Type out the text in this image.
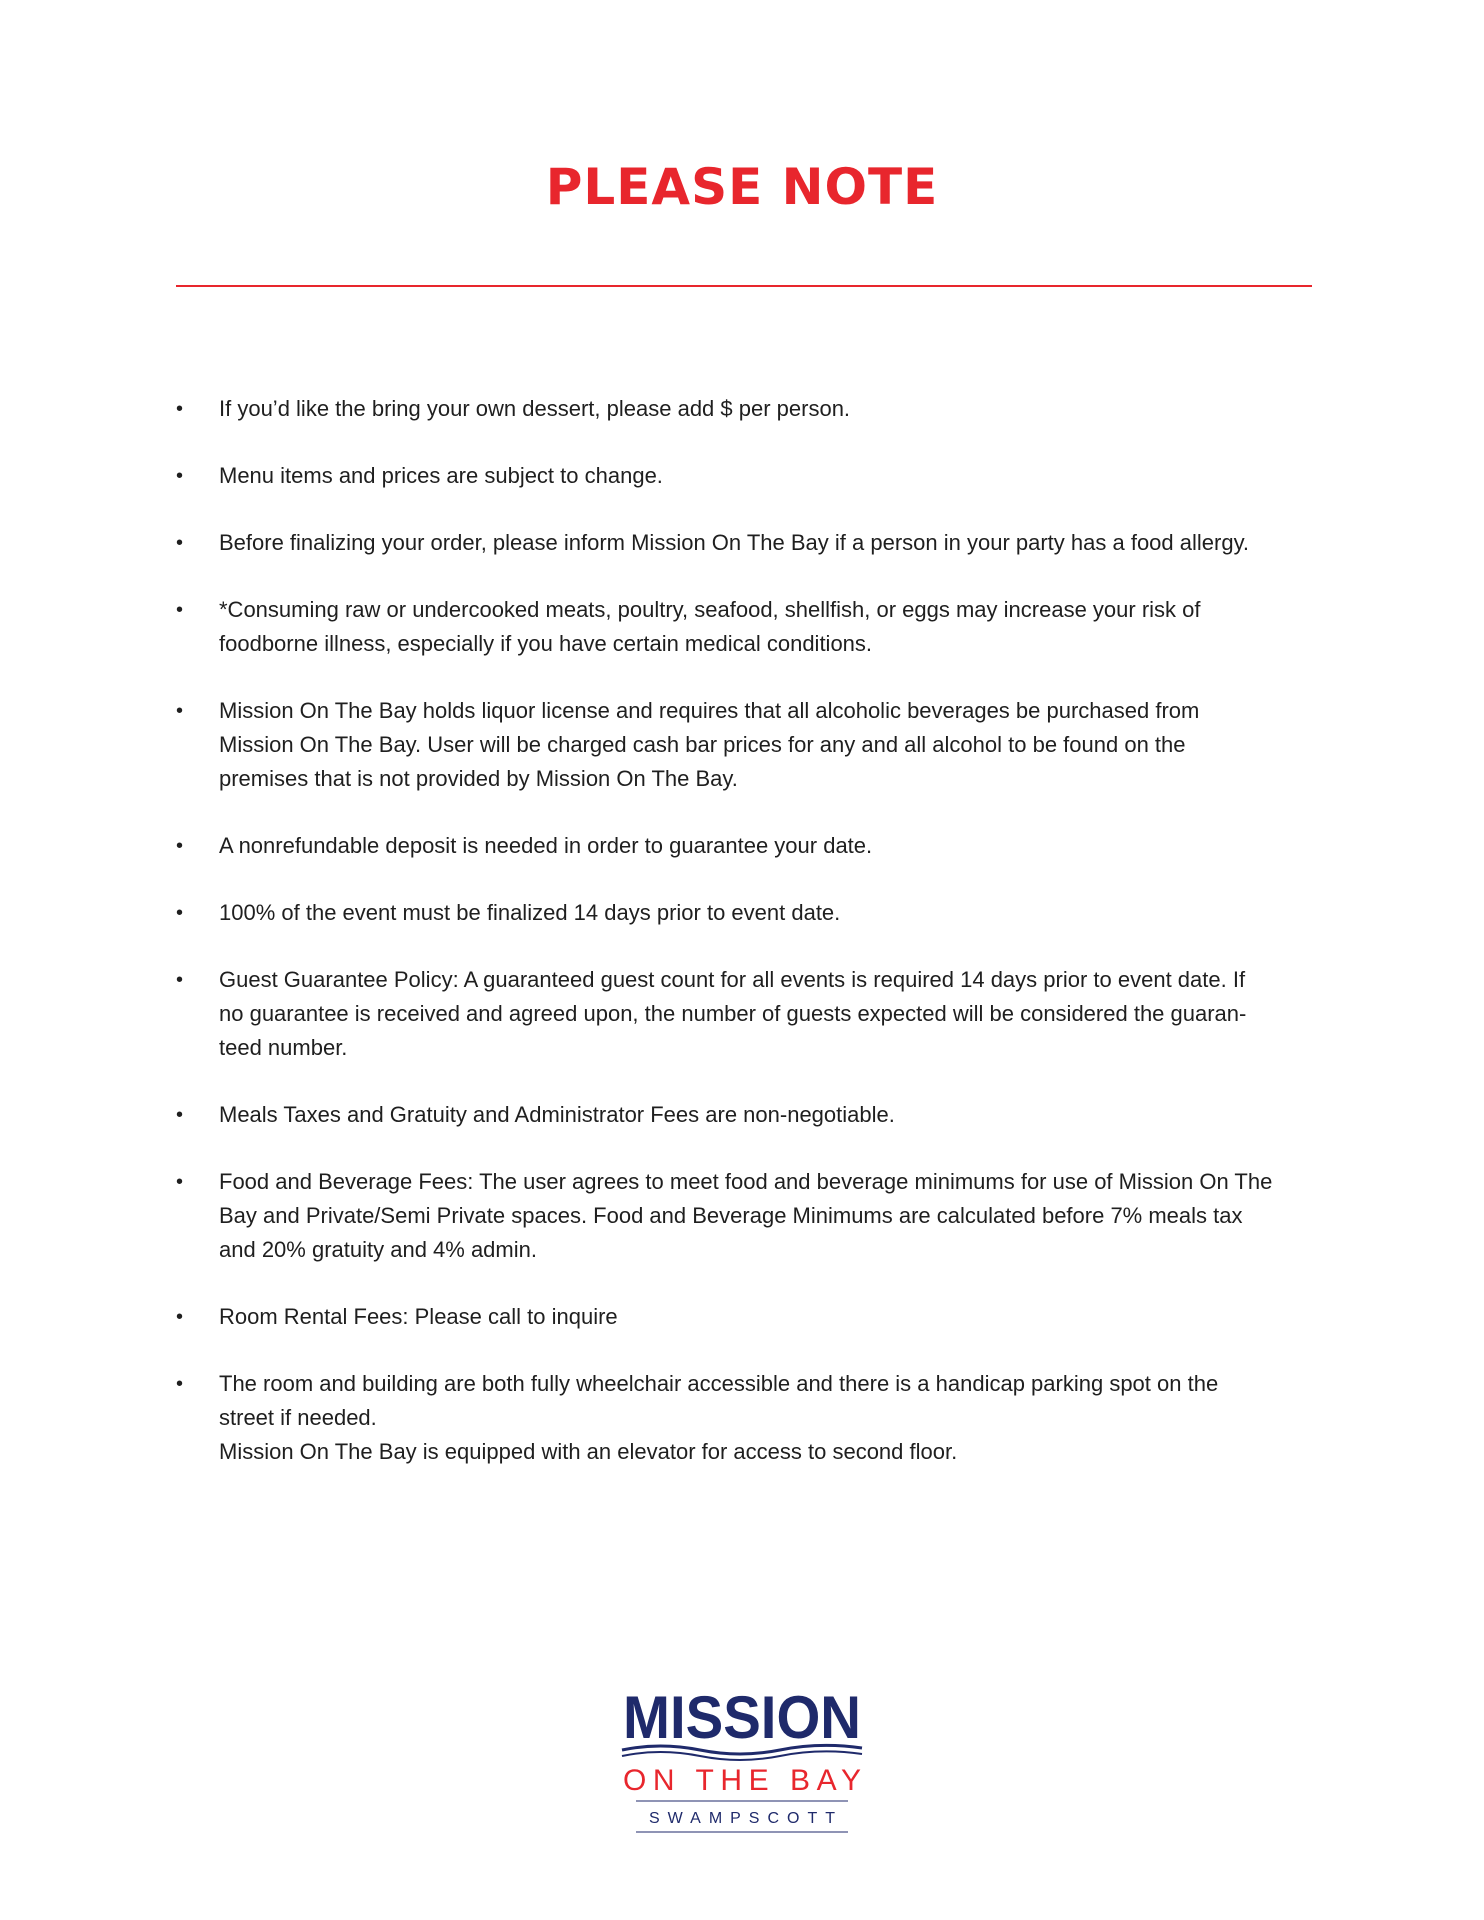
PLEASE NOTE
• If you’d like the bring your own dessert, please add $ per person.
• Menu items and prices are subject to change.
• Before finalizing your order, please inform Mission On The Bay if a person in your party has a food allergy.
• *Consuming raw or undercooked meats, poultry, seafood, shellfish, or eggs may increase your risk of
foodborne illness, especially if you have certain medical conditions.
• Mission On The Bay holds liquor license and requires that all alcoholic beverages be purchased from
Mission On The Bay. User will be charged cash bar prices for any and all alcohol to be found on the
premises that is not provided by Mission On The Bay.
• A nonrefundable deposit is needed in order to guarantee your date.
• 100% of the event must be finalized 14 days prior to event date.
• Guest Guarantee Policy: A guaranteed guest count for all events is required 14 days prior to event date. If
no guarantee is received and agreed upon, the number of guests expected will be considered the guaran-
teed number.
• Meals Taxes and Gratuity and Administrator Fees are non-negotiable.
• Food and Beverage Fees: The user agrees to meet food and beverage minimums for use of Mission On The
Bay and Private/Semi Private spaces. Food and Beverage Minimums are calculated before 7% meals tax
and 20% gratuity and 4% admin.
• Room Rental Fees: Please call to inquire
• The room and building are both fully wheelchair accessible and there is a handicap parking spot on the
street if needed.
Mission On The Bay is equipped with an elevator for access to second floor.
MISSION
ON THE BAY
SWAMPSCOTT
